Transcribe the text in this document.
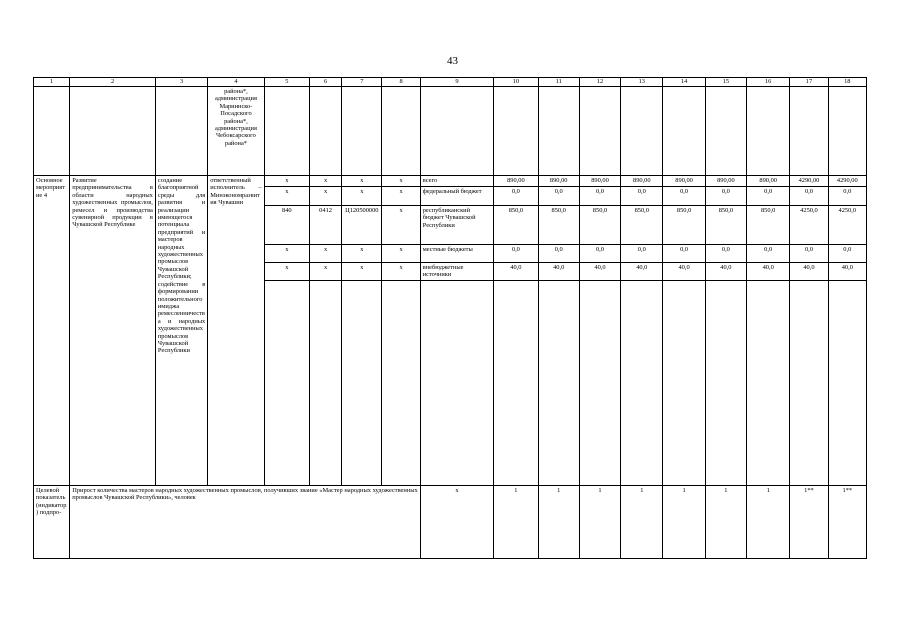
43
1	2	3	4	5	6	7	8	9	10	11	12	13	14	15	16	17	18
			района*, администрация Мариинско-Посадского района*, администрация Чебоксарского района*														
Основное мероприятие 4	Развитие предпринимательства в области народных художественных промыслов, ремесел и производства сувенирной продукции в Чувашской Республике	создание благоприятной среды для развития и реализации имеющегося потенциала предприятий и мастеров народных художественных промыслов Чувашской Республики; содействие в формировании положительного имиджа ремесленничества и народных художественных промыслов Чувашской Республики	ответственный исполнитель – Минэкономразвития Чувашии	х	х	х	х	всего	890,00	890,00	890,00	890,00	890,00	890,00	890,00	4290,00	4290,00
				х	х	х	х	федеральный бюджет	0,0	0,0	0,0	0,0	0,0	0,0	0,0	0,0	0,0
				840	0412	Ц120500000	х	республиканский бюджет Чувашской Республики	850,0	850,0	850,0	850,0	850,0	850,0	850,0	4250,0	4250,0
				х	х	х	х	местные бюджеты	0,0	0,0	0,0	0,0	0,0	0,0	0,0	0,0	0,0
				х	х	х	х	внебюджетные источники	40,0	40,0	40,0	40,0	40,0	40,0	40,0	40,0	40,0

Целевой показатель (индикатор) подпро-	Прирост количества мастеров народных художественных промыслов, получивших звание «Мастер народных художественных промыслов Чувашской Республики», человек							х	1	1	1	1	1	1	1	1**	1**
